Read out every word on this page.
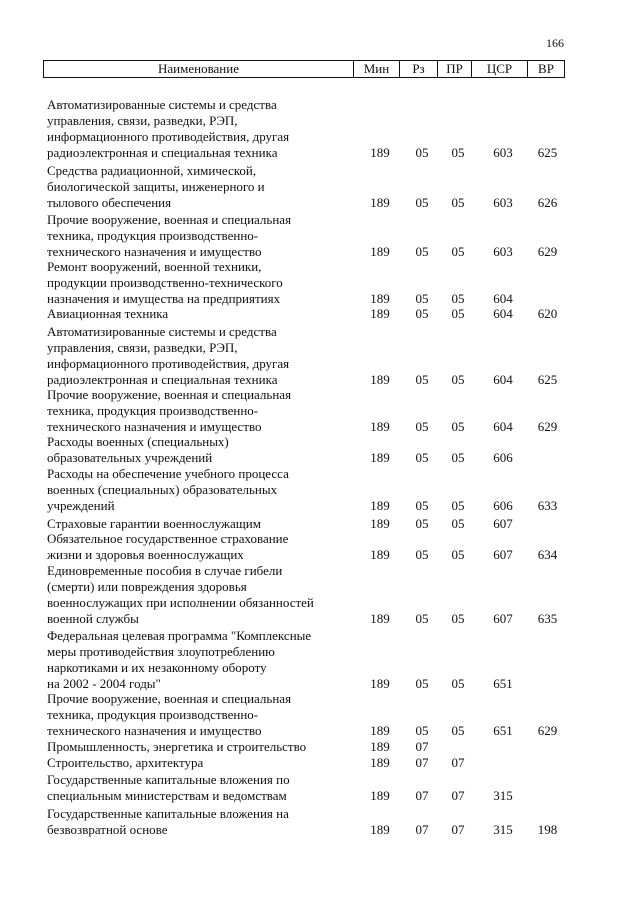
166
Наименование	Мин	Рз	ПР	ЦСР	ВР
Автоматизированные системы и средства
управления, связи, разведки, РЭП,
информационного противодействия, другая
радиоэлектронная и специальная техника	189	05	05	603	625
Средства радиационной, химической,
биологической защиты, инженерного и
тылового обеспечения	189	05	05	603	626
Прочие вооружение, военная и специальная
техника, продукция производственно-
технического назначения и имущество	189	05	05	603	629
Ремонт вооружений, военной техники,
продукции производственно-технического
назначения и имущества на предприятиях	189	05	05	604
Авиационная техника	189	05	05	604	620
Автоматизированные системы и средства
управления, связи, разведки, РЭП,
информационного противодействия, другая
радиоэлектронная и специальная техника	189	05	05	604	625
Прочие вооружение, военная и специальная
техника, продукция производственно-
технического назначения и имущество	189	05	05	604	629
Расходы военных (специальных)
образовательных учреждений	189	05	05	606
Расходы на обеспечение учебного процесса
военных (специальных) образовательных
учреждений	189	05	05	606	633
Страховые гарантии военнослужащим	189	05	05	607
Обязательное государственное страхование
жизни и здоровья военнослужащих	189	05	05	607	634
Единовременные пособия в случае гибели
(смерти) или повреждения здоровья
военнослужащих при исполнении обязанностей
военной службы	189	05	05	607	635
Федеральная целевая программа "Комплексные
меры противодействия злоупотреблению
наркотиками и их незаконному обороту
на 2002 - 2004 годы"	189	05	05	651
Прочие вооружение, военная и специальная
техника, продукция производственно-
технического назначения и имущество	189	05	05	651	629
Промышленность, энергетика и строительство	189	07
Строительство, архитектура	189	07	07
Государственные капитальные вложения по
специальным министерствам и ведомствам	189	07	07	315
Государственные капитальные вложения на
безвозвратной основе	189	07	07	315	198
